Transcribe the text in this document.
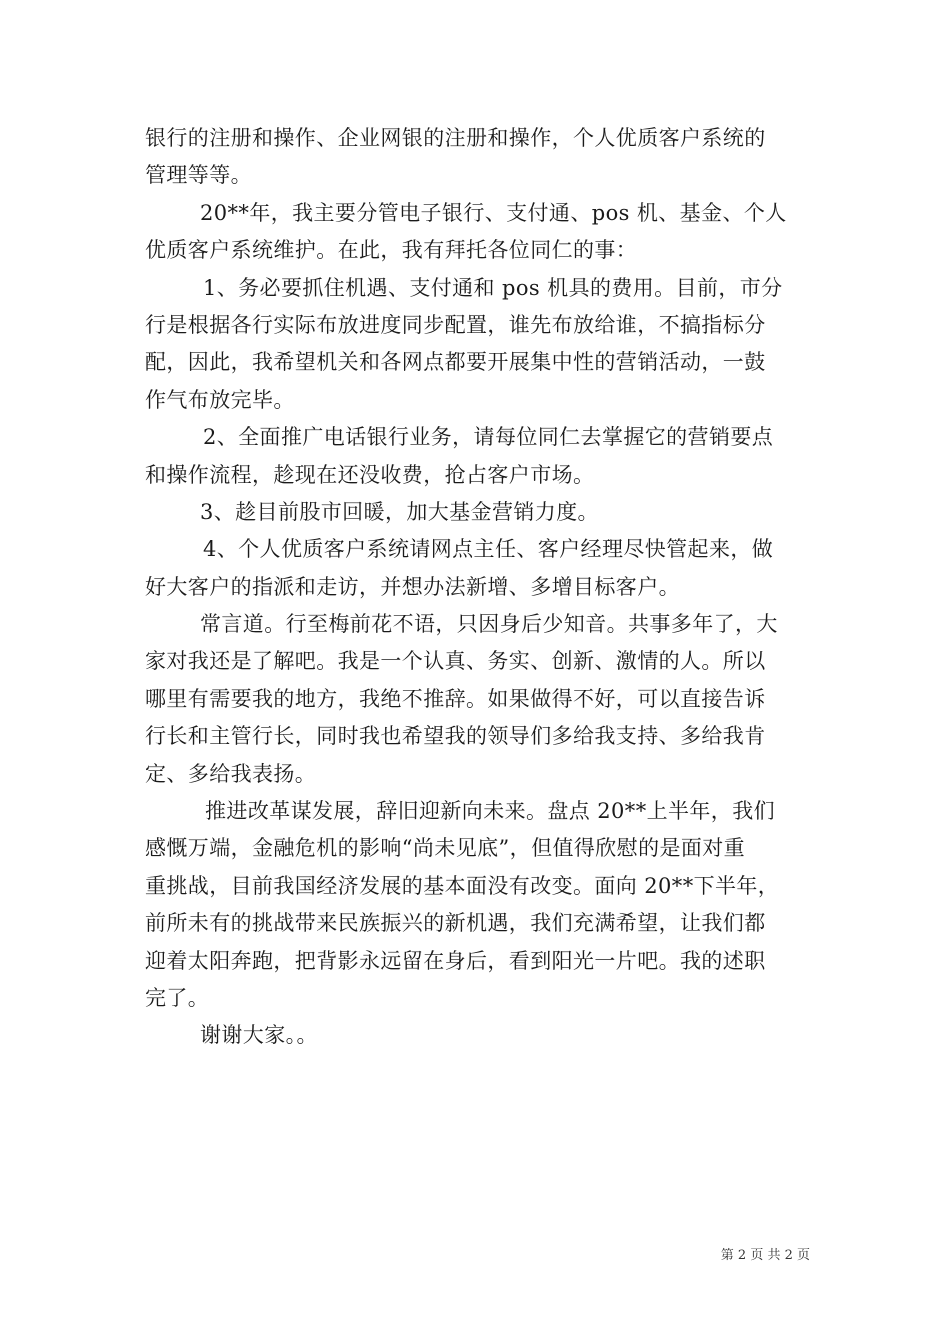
银行的注册和操作、企业网银的注册和操作，个人优质客户系统的
管理等等。
20**年，我主要分管电子银行、支付通、pos 机、基金、个人
优质客户系统维护。在此，我有拜托各位同仁的事：
1、务必要抓住机遇、支付通和 pos 机具的费用。目前，市分
行是根据各行实际布放进度同步配置，谁先布放给谁，不搞指标分
配，因此，我希望机关和各网点都要开展集中性的营销活动，一鼓
作气布放完毕。
2、全面推广电话银行业务，请每位同仁去掌握它的营销要点
和操作流程，趁现在还没收费，抢占客户市场。
3、趁目前股市回暖，加大基金营销力度。
4、个人优质客户系统请网点主任、客户经理尽快管起来，做
好大客户的指派和走访，并想办法新增、多增目标客户。
常言道。行至梅前花不语，只因身后少知音。共事多年了，大
家对我还是了解吧。我是一个认真、务实、创新、激情的人。所以
哪里有需要我的地方，我绝不推辞。如果做得不好，可以直接告诉
行长和主管行长，同时我也希望我的领导们多给我支持、多给我肯
定、多给我表扬。
推进改革谋发展，辞旧迎新向未来。盘点 20**上半年，我们
感慨万端，金融危机的影响“尚未见底”，但值得欣慰的是面对重
重挑战，目前我国经济发展的基本面没有改变。面向 20**下半年，
前所未有的挑战带来民族振兴的新机遇，我们充满希望，让我们都
迎着太阳奔跑，把背影永远留在身后，看到阳光一片吧。我的述职
完了。
谢谢大家。。
第 2 页 共 2 页
